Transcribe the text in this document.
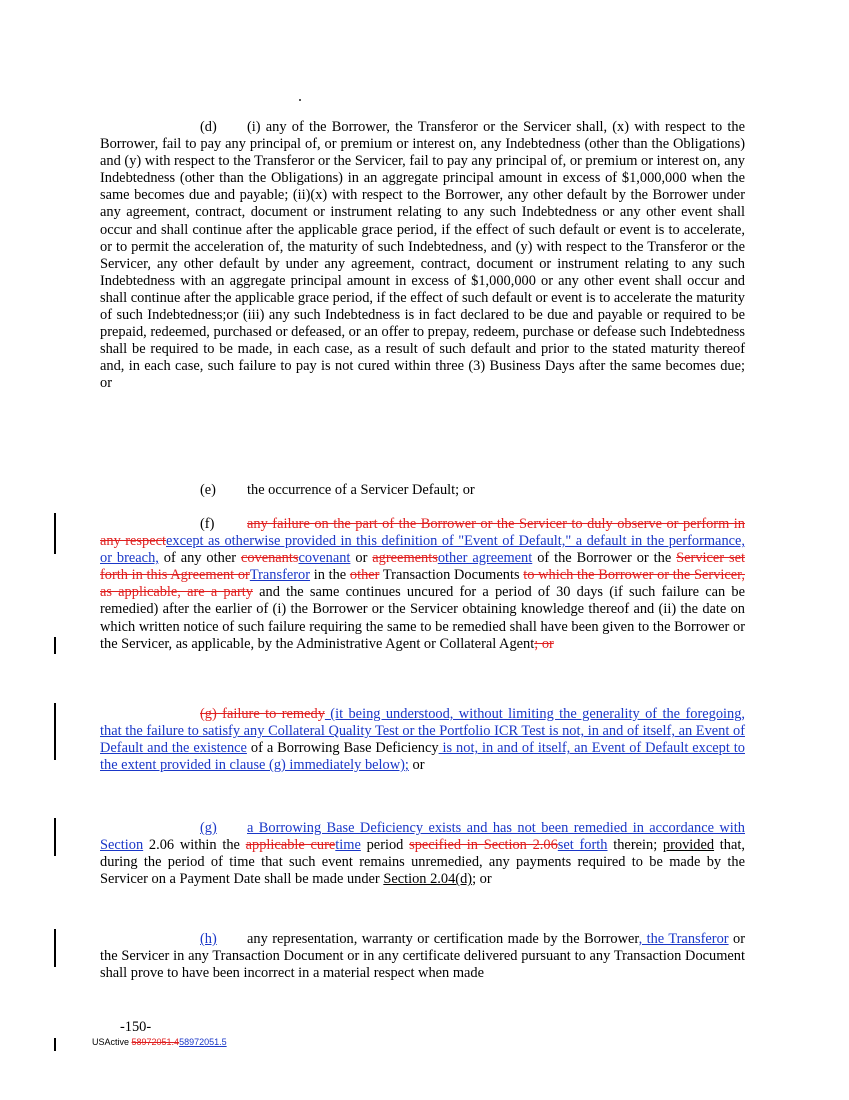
(d) (i) any of the Borrower, the Transferor or the Servicer shall, (x) with respect to the Borrower, fail to pay any principal of, or premium or interest on, any Indebtedness (other than the Obligations) and (y) with respect to the Transferor or the Servicer, fail to pay any principal of, or premium or interest on, any Indebtedness (other than the Obligations) in an aggregate principal amount in excess of $1,000,000 when the same becomes due and payable; (ii)(x) with respect to the Borrower, any other default by the Borrower under any agreement, contract, document or instrument relating to any such Indebtedness or any other event shall occur and shall continue after the applicable grace period, if the effect of such default or event is to accelerate, or to permit the acceleration of, the maturity of such Indebtedness, and (y) with respect to the Transferor or the Servicer, any other default by under any agreement, contract, document or instrument relating to any such Indebtedness with an aggregate principal amount in excess of $1,000,000 or any other event shall occur and shall continue after the applicable grace period, if the effect of such default or event is to accelerate the maturity of such Indebtedness;or (iii) any such Indebtedness is in fact declared to be due and payable or required to be prepaid, redeemed, purchased or defeased, or an offer to prepay, redeem, purchase or defease such Indebtedness shall be required to be made, in each case, as a result of such default and prior to the stated maturity thereof and, in each case, such failure to pay is not cured within three (3) Business Days after the same becomes due; or
(e) the occurrence of a Servicer Default; or
(f) any failure on the part of the Borrower or the Servicer to duly observe or perform in any respectexcept as otherwise provided in this definition of "Event of Default," a default in the performance, or breach, of any other covenantscovenant or agreementsother agreement of the Borrower or the Servicer set forth in this Agreement orTransferor in the other Transaction Documents to which the Borrower or the Servicer, as applicable, are a party and the same continues uncured for a period of 30 days (if such failure can be remedied) after the earlier of (i) the Borrower or the Servicer obtaining knowledge thereof and (ii) the date on which written notice of such failure requiring the same to be remedied shall have been given to the Borrower or the Servicer, as applicable, by the Administrative Agent or Collateral Agent; or
(g) failure to remedy (it being understood, without limiting the generality of the foregoing, that the failure to satisfy any Collateral Quality Test or the Portfolio ICR Test is not, in and of itself, an Event of Default and the existence of a Borrowing Base Deficiency is not, in and of itself, an Event of Default except to the extent provided in clause (g) immediately below); or
(g) a Borrowing Base Deficiency exists and has not been remedied in accordance with Section 2.06 within the applicable curetime period specified in Section 2.06set forth therein; provided that, during the period of time that such event remains unremedied, any payments required to be made by the Servicer on a Payment Date shall be made under Section 2.04(d); or
(h) any representation, warranty or certification made by the Borrower, the Transferor or the Servicer in any Transaction Document or in any certificate delivered pursuant to any Transaction Document shall prove to have been incorrect in a material respect when made
-150-
USActive 58972051.458972051.5
